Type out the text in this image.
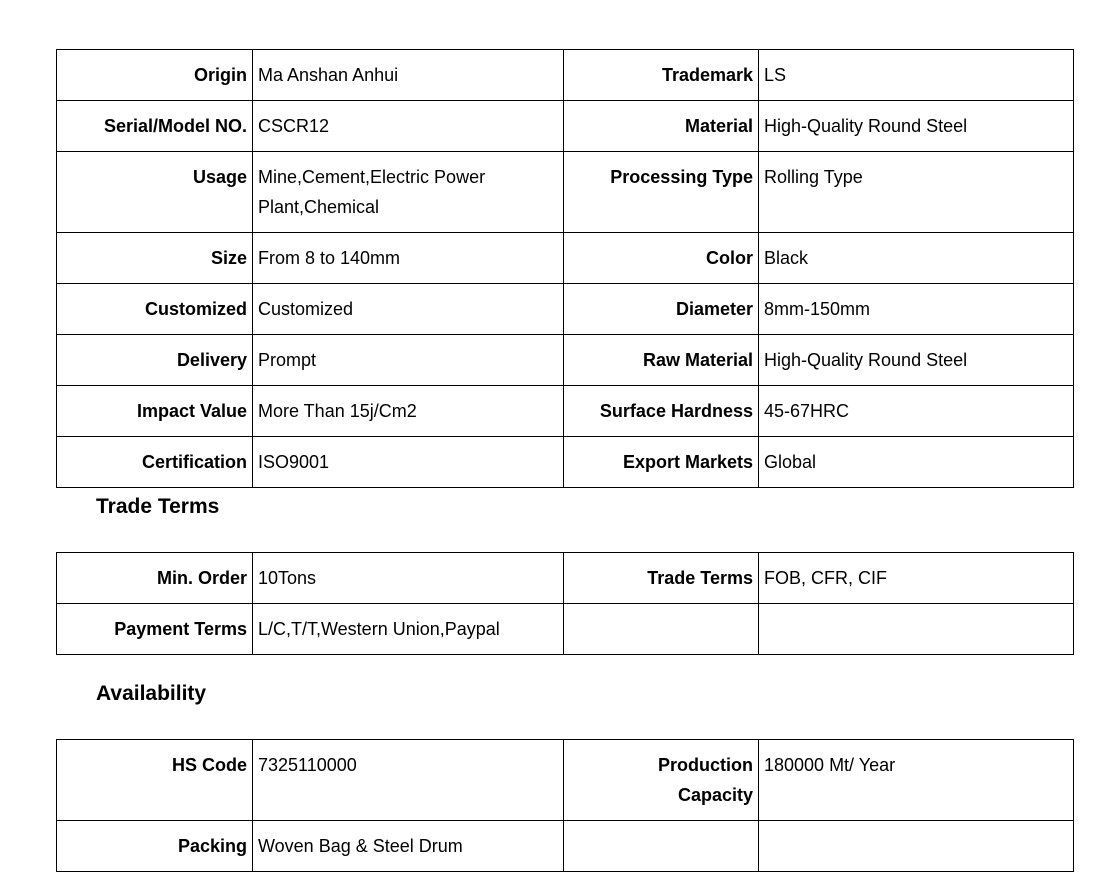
Origin	Ma Anshan Anhui	Trademark	LS
Serial/Model NO.	CSCR12	Material	High-Quality Round Steel
Usage	Mine,Cement,Electric Power Plant,Chemical	Processing Type	Rolling Type
Size	From 8 to 140mm	Color	Black
Customized	Customized	Diameter	8mm-150mm
Delivery	Prompt	Raw Material	High-Quality Round Steel
Impact Value	More Than 15j/Cm2	Surface Hardness	45-67HRC
Certification	ISO9001	Export Markets	Global
Trade Terms
Min. Order	10Tons	Trade Terms	FOB, CFR, CIF
Payment Terms	L/C,T/T,Western Union,Paypal		
Availability
HS Code	7325110000	Production Capacity	180000 Mt/ Year
Packing	Woven Bag & Steel Drum		
